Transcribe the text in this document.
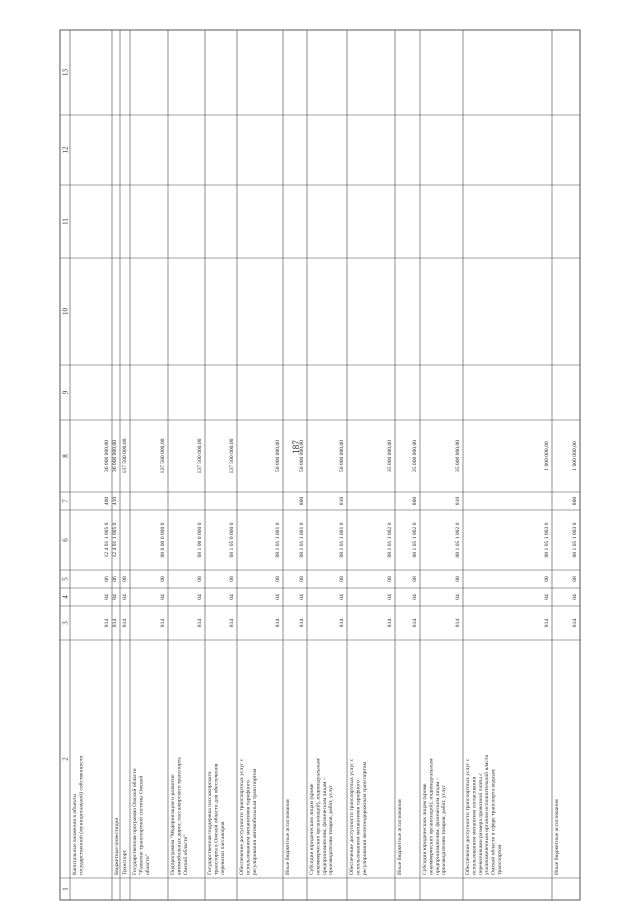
187
1
2
3
4
5
6
7
8
9
10
11
12
13
Капитальные вложения в объекты государственной (муниципальной) собственности
814
04
06
12 4 01 1 005 0
400
36 000 000,00
Бюджетные инвестиции
814
04
06
12 4 01 1 005 0
410
36 000 000,00
Транспорт
814
04
08
137 500 000,00
Государственная программа Омской области "Развитие транспортной системы Омской области"
814
04
08
08 0 00 0 000 0
137 500 000,00
Подпрограмма "Модернизация и развитие автомобильных дорог, пассажирского транспорта Омской области"
814
04
08
08 1 00 0 000 0
137 500 000,00
Государственная поддержка пассажирского транспорта в Омской области для обеспечения перевозки пассажиров
814
04
08
08 1 05 0 000 0
137 500 000,00
Обеспечение доступности транспортных услуг с использованием механизмов тарифного регулирования автомобильным транспортом
814
04
08
08 1 05 1 001 0
50 000 000,00
Иные бюджетные ассигнования
814
04
08
08 1 05 1 001 0
800
50 000 000,00
Субсидии юридическим лицам (кроме некоммерческих организаций), индивидуальным предпринимателям, физическим лицам – производителям товаров, работ, услуг
814
04
08
08 1 05 1 001 0
810
50 000 000,00
Обеспечение доступности транспортных услуг с использованием механизмов тарифного регулирования железнодорожным транспортом
814
04
08
08 1 05 1 002 0
35 000 000,00
Иные бюджетные ассигнования
814
04
08
08 1 05 1 002 0
800
35 000 000,00
Субсидии юридическим лицам (кроме некоммерческих организаций), индивидуальным предпринимателям, физическим лицам – производителям товаров, работ, услуг
814
04
08
08 1 05 1 002 0
810
35 000 000,00
Обеспечение доступности транспортных услуг с использованием механизма согласования перевозчиками размера провозной платы с уполномоченным органом исполнительной власти Омской области в сфере транспорта водным транспортом
814
04
08
08 1 05 1 003 0
1 000 000,00
Иные бюджетные ассигнования
814
04
08
08 1 05 1 003 0
800
1 000 000,00
